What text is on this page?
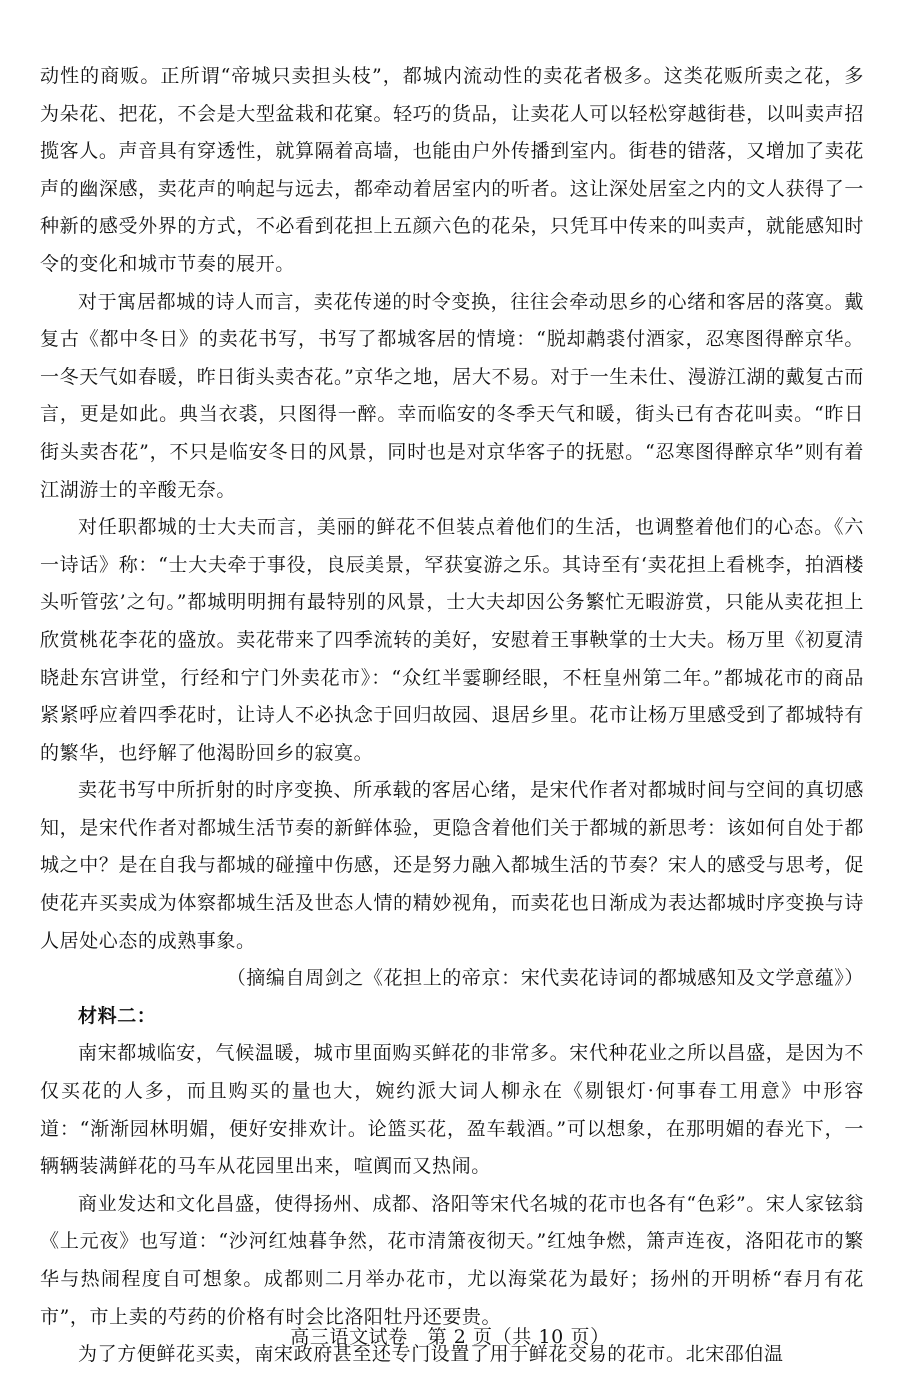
动性的商贩。正所谓“帝城只卖担头枝”，都城内流动性的卖花者极多。这类花贩所卖之花，多为朵花、把花，不会是大型盆栽和花窠。轻巧的货品，让卖花人可以轻松穿越街巷，以叫卖声招揽客人。声音具有穿透性，就算隔着高墙，也能由户外传播到室内。街巷的错落，又增加了卖花声的幽深感，卖花声的响起与远去，都牵动着居室内的听者。这让深处居室之内的文人获得了一种新的感受外界的方式，不必看到花担上五颜六色的花朵，只凭耳中传来的叫卖声，就能感知时令的变化和城市节奏的展开。

对于寓居都城的诗人而言，卖花传递的时令变换，往往会牵动思乡的心绪和客居的落寞。戴复古《都中冬日》的卖花书写，书写了都城客居的情境：“脱却鹔裘付酒家，忍寒图得醉京华。一冬天气如春暖，昨日街头卖杏花。”京华之地，居大不易。对于一生未仕、漫游江湖的戴复古而言，更是如此。典当衣裘，只图得一醉。幸而临安的冬季天气和暖，街头已有杏花叫卖。“昨日街头卖杏花”，不只是临安冬日的风景，同时也是对京华客子的抚慰。“忍寒图得醉京华”则有着江湖游士的辛酸无奈。

对任职都城的士大夫而言，美丽的鲜花不但装点着他们的生活，也调整着他们的心态。《六一诗话》称：“士大夫牵于事役，良辰美景，罕获宴游之乐。其诗至有‘卖花担上看桃李，拍酒楼头听管弦’之句。”都城明明拥有最特别的风景，士大夫却因公务繁忙无暇游赏，只能从卖花担上欣赏桃花李花的盛放。卖花带来了四季流转的美好，安慰着王事鞅掌的士大夫。杨万里《初夏清晓赴东宫讲堂，行经和宁门外卖花市》：“众红半霎聊经眼，不枉皇州第二年。”都城花市的商品紧紧呼应着四季花时，让诗人不必执念于回归故园、退居乡里。花市让杨万里感受到了都城特有的繁华，也纾解了他渴盼回乡的寂寞。

卖花书写中所折射的时序变换、所承载的客居心绪，是宋代作者对都城时间与空间的真切感知，是宋代作者对都城生活节奏的新鲜体验，更隐含着他们关于都城的新思考：该如何自处于都城之中？是在自我与都城的碰撞中伤感，还是努力融入都城生活的节奏？宋人的感受与思考，促使花卉买卖成为体察都城生活及世态人情的精妙视角，而卖花也日渐成为表达都城时序变换与诗人居处心态的成熟事象。

（摘编自周剑之《花担上的帝京：宋代卖花诗词的都城感知及文学意蕴》）

材料二：

南宋都城临安，气候温暖，城市里面购买鲜花的非常多。宋代种花业之所以昌盛，是因为不仅买花的人多，而且购买的量也大，婉约派大词人柳永在《剔银灯·何事春工用意》中形容道：“渐渐园林明媚，便好安排欢计。论篮买花，盈车载酒。”可以想象，在那明媚的春光下，一辆辆装满鲜花的马车从花园里出来，喧阗而又热闹。

商业发达和文化昌盛，使得扬州、成都、洛阳等宋代名城的花市也各有“色彩”。宋人家铉翁《上元夜》也写道：“沙河红烛暮争然，花市清箫夜彻天。”红烛争燃，箫声连夜，洛阳花市的繁华与热闹程度自可想象。成都则二月举办花市，尤以海棠花为最好；扬州的开明桥“春月有花市”，市上卖的芍药的价格有时会比洛阳牡丹还要贵。

为了方便鲜花买卖，南宋政府甚至还专门设置了用于鲜花交易的花市。北宋邵伯温

高三语文试卷　第 2 页（共 10 页）
